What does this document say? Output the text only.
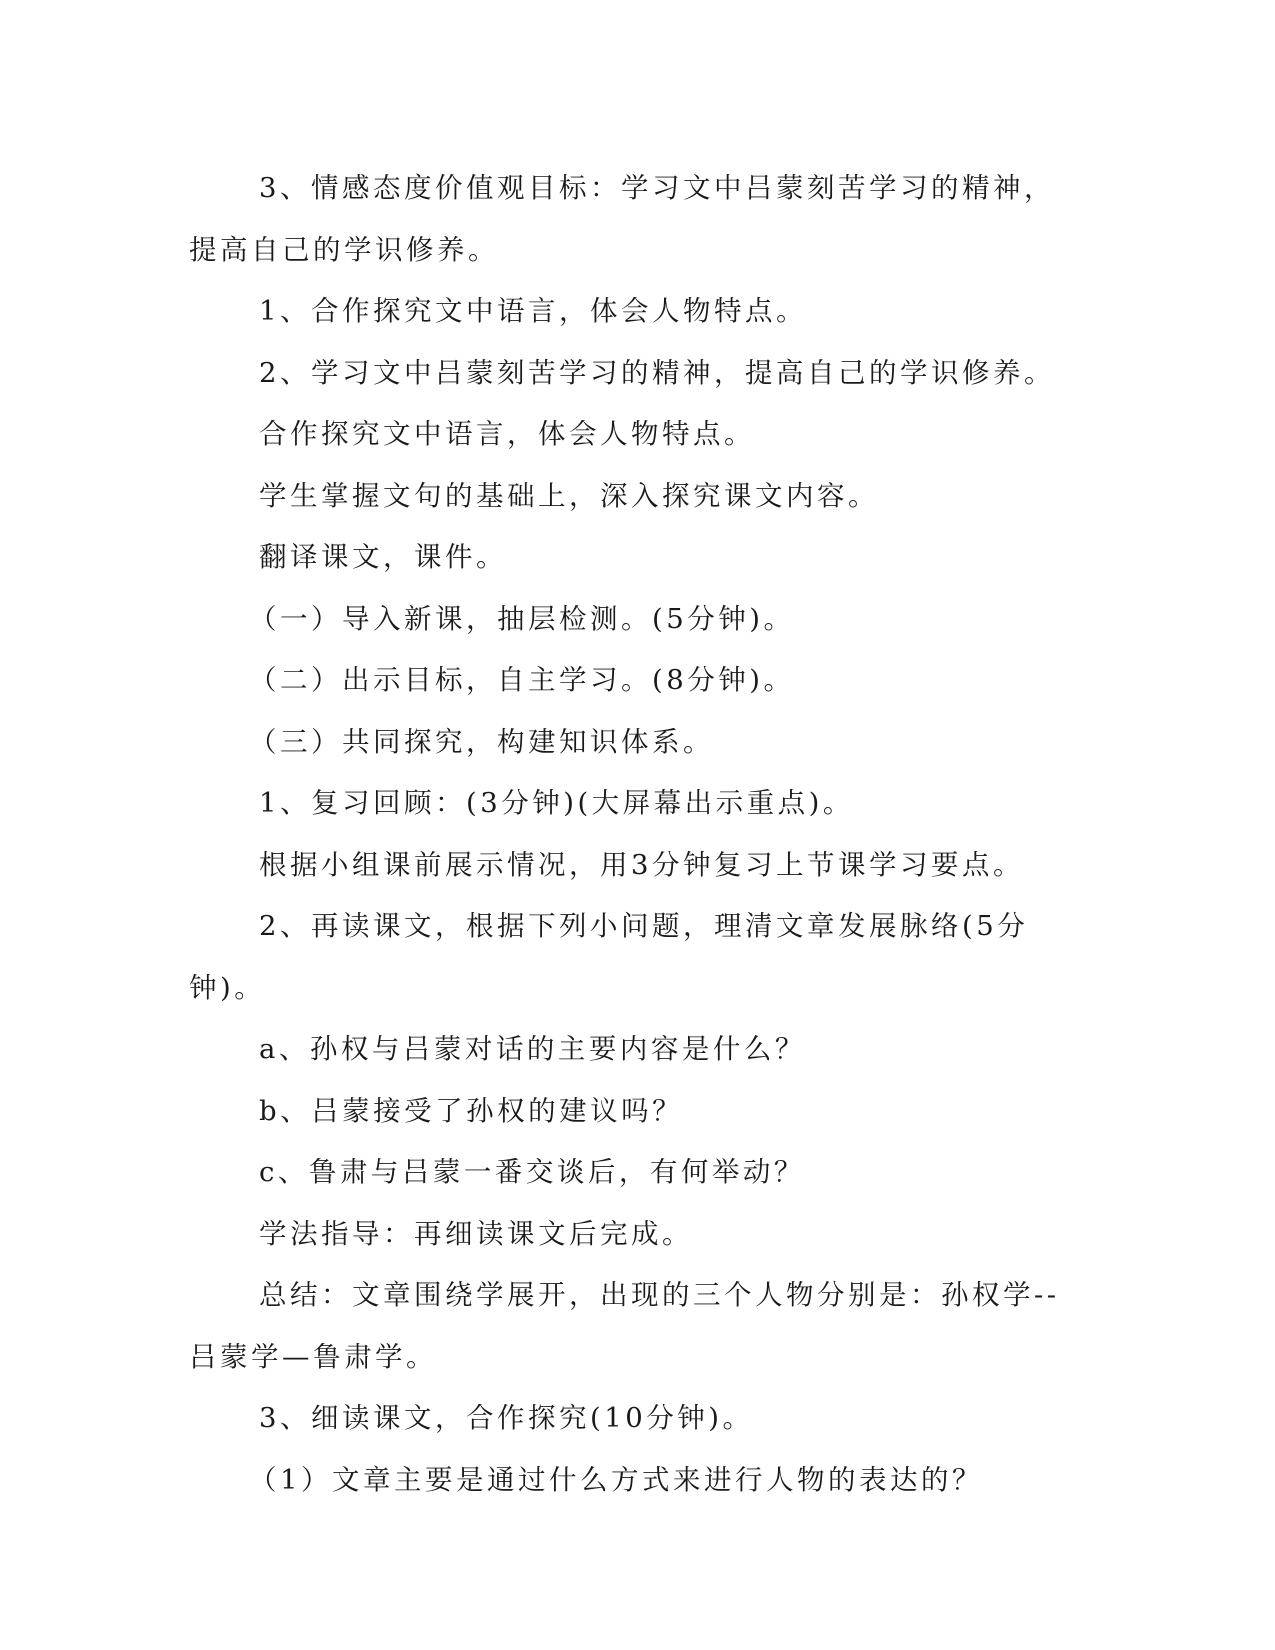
3、情感态度价值观目标：学习文中吕蒙刻苦学习的精神，提高自己的学识修养。

1、合作探究文中语言，体会人物特点。

2、学习文中吕蒙刻苦学习的精神，提高自己的学识修养。

合作探究文中语言，体会人物特点。

学生掌握文句的基础上，深入探究课文内容。

翻译课文，课件。

（一）导入新课，抽层检测。(5分钟)。

（二）出示目标，自主学习。(8分钟)。

（三）共同探究，构建知识体系。

1、复习回顾：(3分钟)(大屏幕出示重点)。

根据小组课前展示情况，用3分钟复习上节课学习要点。

2、再读课文，根据下列小问题，理清文章发展脉络(5分钟)。

a、孙权与吕蒙对话的主要内容是什么？

b、吕蒙接受了孙权的建议吗？

c、鲁肃与吕蒙一番交谈后，有何举动？

学法指导：再细读课文后完成。

总结：文章围绕学展开，出现的三个人物分别是：孙权学--吕蒙学—鲁肃学。

3、细读课文，合作探究(10分钟)。

（1）文章主要是通过什么方式来进行人物的表达的？
